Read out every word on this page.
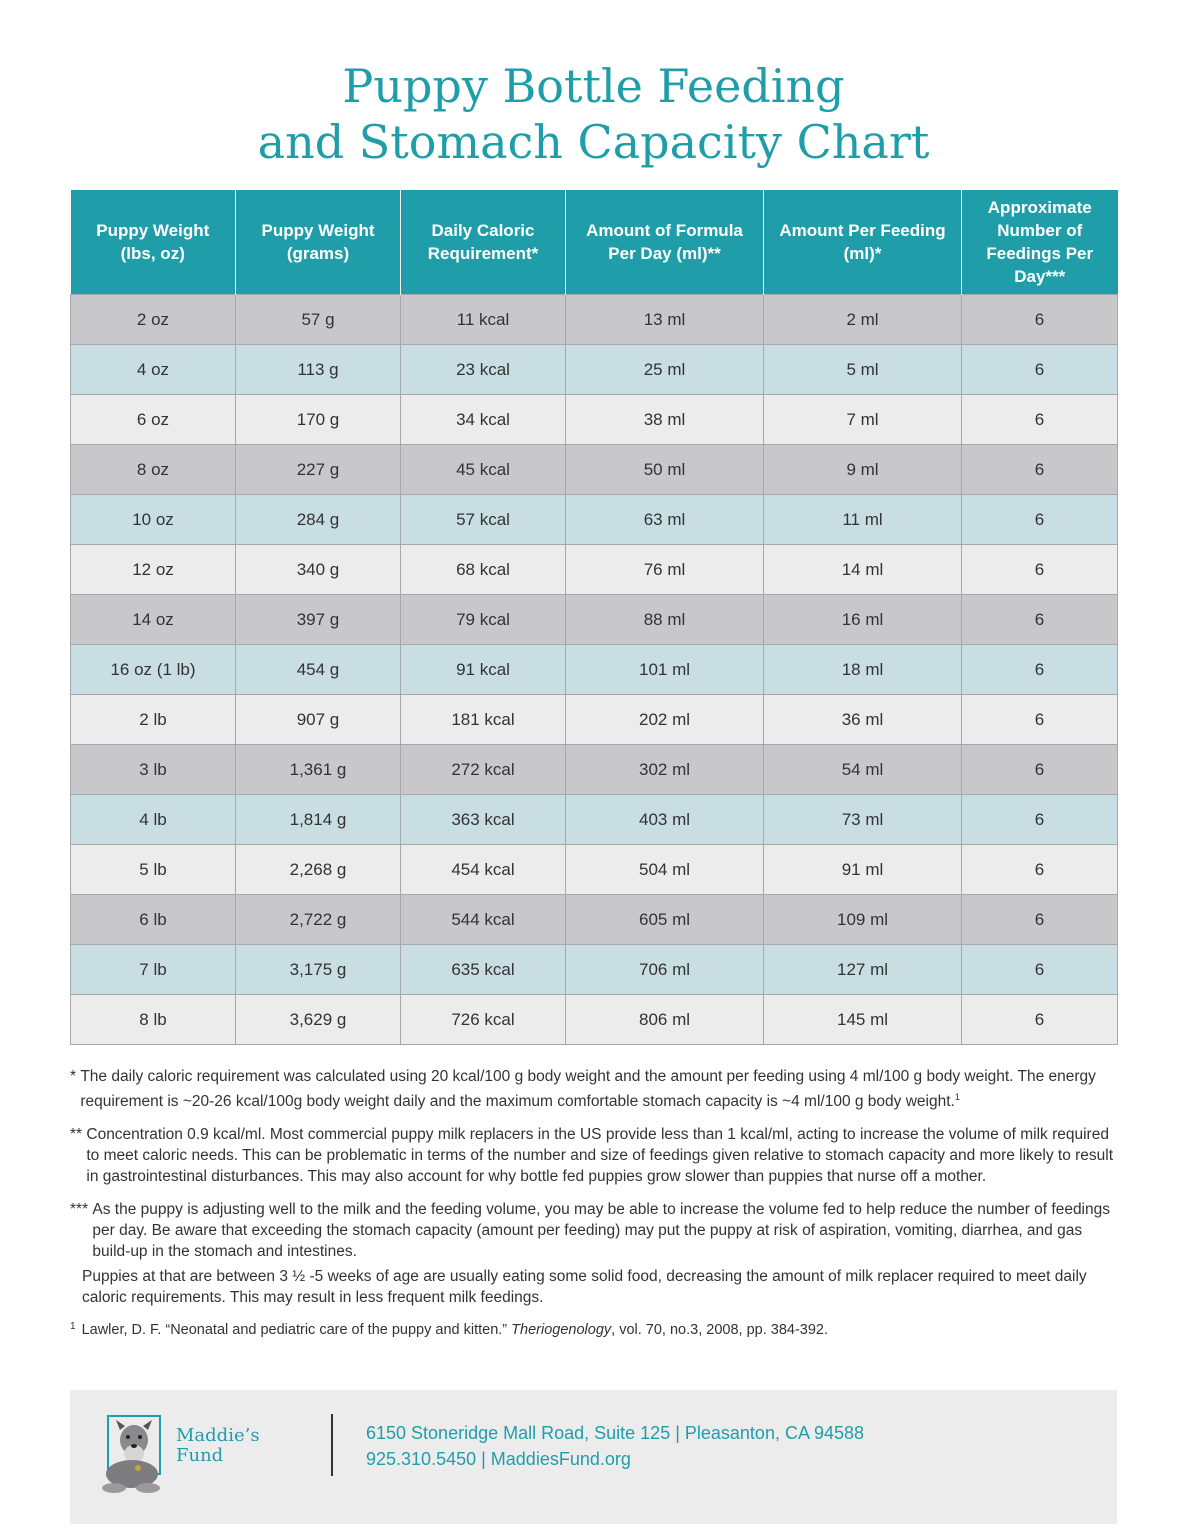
Puppy Bottle Feeding
and Stomach Capacity Chart
Puppy Weight (lbs, oz)	Puppy Weight (grams)	Daily Caloric Requirement*	Amount of Formula Per Day (ml)**	Amount Per Feeding (ml)*	Approximate Number of Feedings Per Day***
2 oz	57 g	11 kcal	13 ml	2 ml	6
4 oz	113 g	23 kcal	25 ml	5 ml	6
6 oz	170 g	34 kcal	38 ml	7 ml	6
8 oz	227 g	45 kcal	50 ml	9 ml	6
10 oz	284 g	57 kcal	63 ml	11 ml	6
12 oz	340 g	68 kcal	76 ml	14 ml	6
14 oz	397 g	79 kcal	88 ml	16 ml	6
16 oz (1 lb)	454 g	91 kcal	101 ml	18 ml	6
2 lb	907 g	181 kcal	202 ml	36 ml	6
3 lb	1,361 g	272 kcal	302 ml	54 ml	6
4 lb	1,814 g	363 kcal	403 ml	73 ml	6
5 lb	2,268 g	454 kcal	504 ml	91 ml	6
6 lb	2,722 g	544 kcal	605 ml	109 ml	6
7 lb	3,175 g	635 kcal	706 ml	127 ml	6
8 lb	3,629 g	726 kcal	806 ml	145 ml	6
* The daily caloric requirement was calculated using 20 kcal/100 g body weight and the amount per feeding using 4 ml/100 g body weight. The energy requirement is ~20-26 kcal/100g body weight daily and the maximum comfortable stomach capacity is ~4 ml/100 g body weight.$^1$
** Concentration 0.9 kcal/ml. Most commercial puppy milk replacers in the US provide less than 1 kcal/ml, acting to increase the volume of milk required to meet caloric needs. This can be problematic in terms of the number and size of feedings given relative to stomach capacity and more likely to result in gastrointestinal disturbances. This may also account for why bottle fed puppies grow slower than puppies that nurse off a mother.
*** As the puppy is adjusting well to the milk and the feeding volume, you may be able to increase the volume fed to help reduce the number of feedings per day. Be aware that exceeding the stomach capacity (amount per feeding) may put the puppy at risk of aspiration, vomiting, diarrhea, and gas build-up in the stomach and intestines.
Puppies at that are between 3 ½ -5 weeks of age are usually eating some solid food, decreasing the amount of milk replacer required to meet daily caloric requirements. This may result in less frequent milk feedings.
1 Lawler, D. F. “Neonatal and pediatric care of the puppy and kitten.” Theriogenology, vol. 70, no.3, 2008, pp. 384-392.
Maddie’s
Fund
6150 Stoneridge Mall Road, Suite 125 | Pleasanton, CA 94588
925.310.5450 | MaddiesFund.org
